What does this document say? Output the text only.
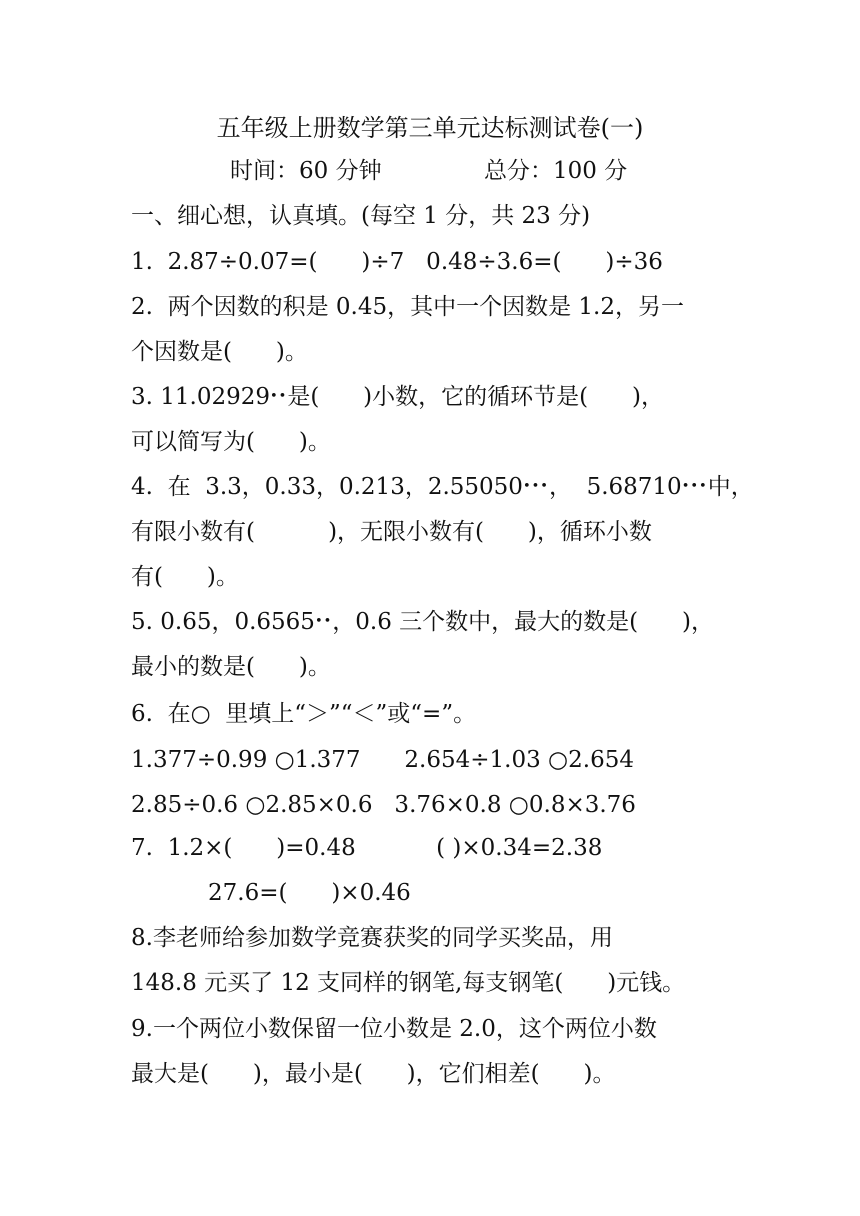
五年级上册数学第三单元达标测试卷(一)
时间：60 分钟	总分：100 分
一、细心想，认真填。(每空 1 分，共 23 分)
1.  2.87÷0.07=(      )÷7   0.48÷3.6=(      )÷36
2.  两个因数的积是 0.45，其中一个因数是 1.2，另一
个因数是(      )。
3. 11.02929••是(      )小数，它的循环节是(      )，
可以简写为(      )。
4.  在  3.3，0.33，0.213，2.55050•••，  5.68710•••中，
有限小数有(          )，无限小数有(      )，循环小数
有(      )。
5. 0.65，0.6565••，0.6 三个数中，最大的数是(      )，
最小的数是(      )。
6.  在○  里填上“＞”“＜”或“=”。
1.377÷0.99 ○1.377      2.654÷1.03 ○2.654
2.85÷0.6 ○2.85×0.6   3.76×0.8 ○0.8×3.76
7.  1.2×(      )=0.48           ( )×0.34=2.38
27.6=(      )×0.46
8.李老师给参加数学竞赛获奖的同学买奖品，用
148.8 元买了 12 支同样的钢笔,每支钢笔(      )元钱。
9.一个两位小数保留一位小数是 2.0，这个两位小数
最大是(      )，最小是(      )，它们相差(      )。
